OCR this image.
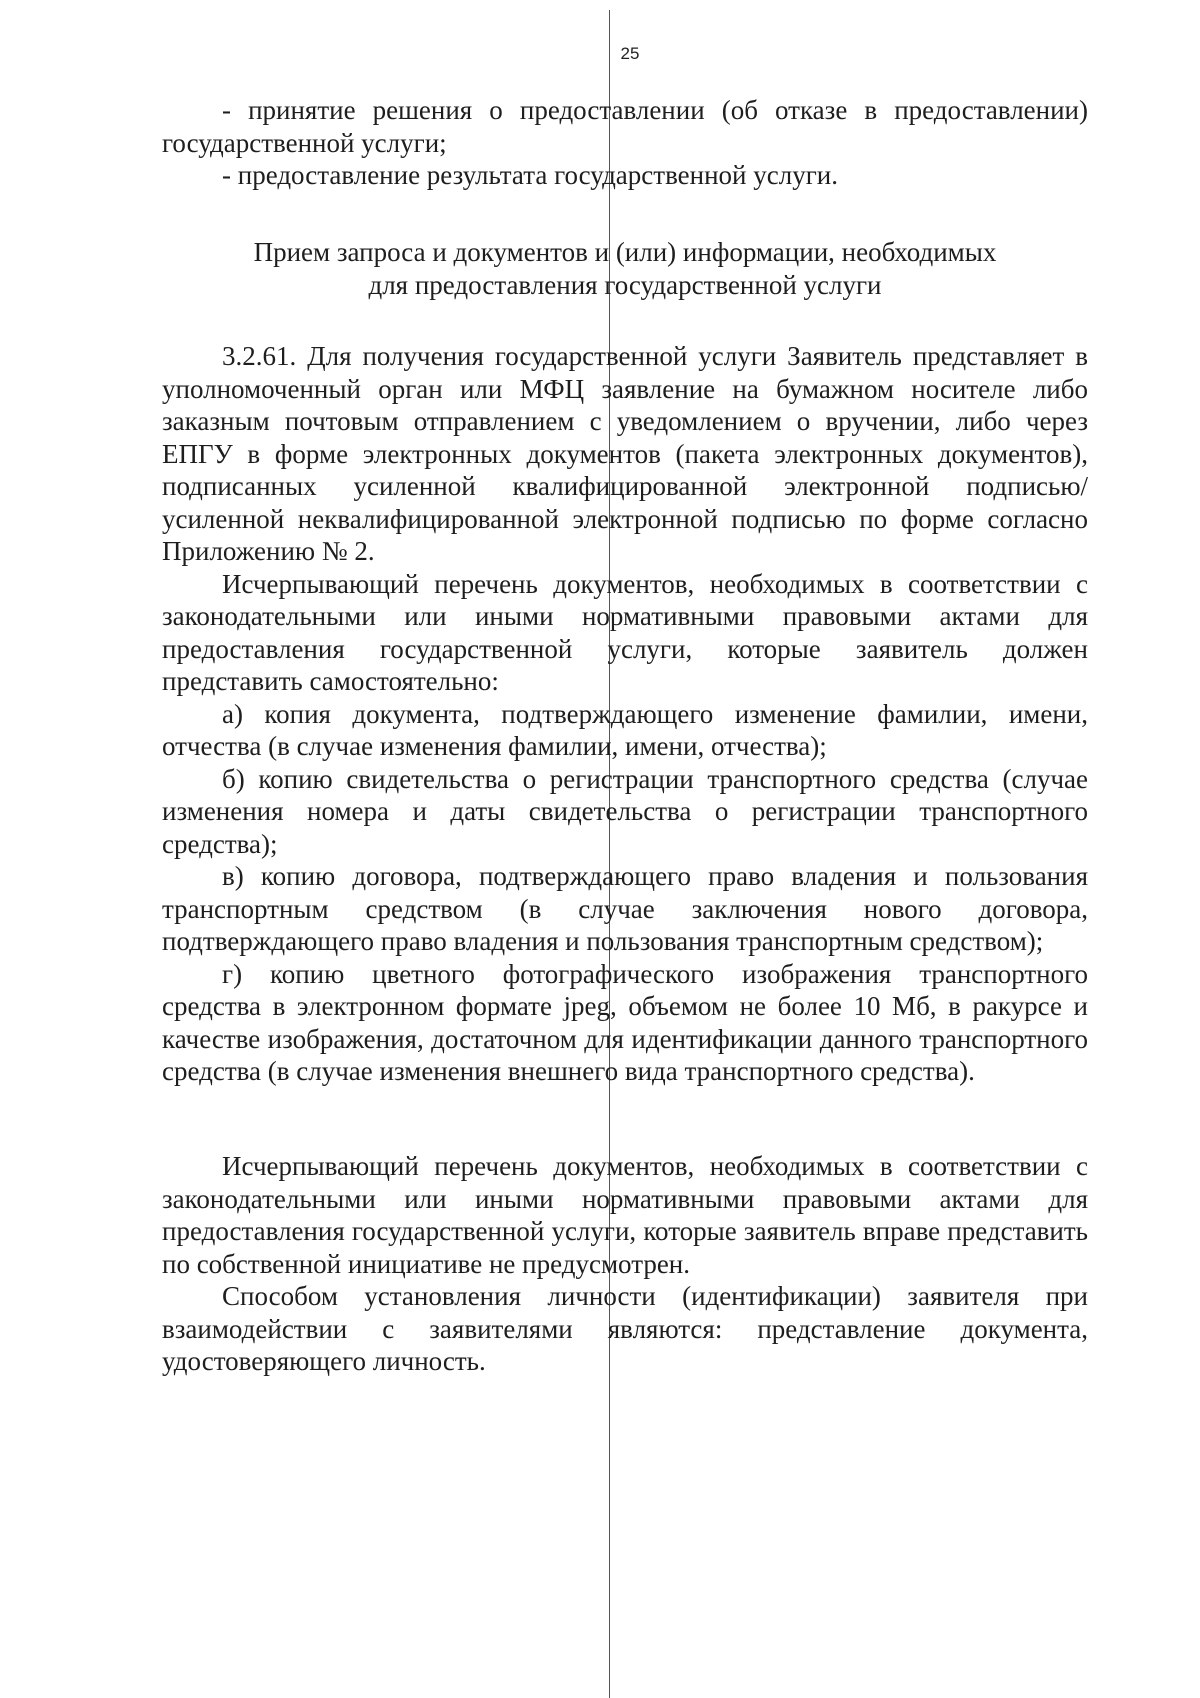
25

- принятие решения о предоставлении (об отказе в предоставлении) государственной услуги;

- предоставление результата государственной услуги.

Прием запроса и документов и (или) информации, необходимых
для предоставления государственной услуги

3.2.61. Для получения государственной услуги Заявитель представляет в уполномоченный орган или МФЦ заявление на бумажном носителе либо заказным почтовым отправлением с уведомлением о вручении, либо через ЕПГУ в форме электронных документов (пакета электронных документов), подписанных усиленной квалифицированной электронной подписью/усиленной неквалифицированной электронной подписью по форме согласно Приложению № 2.

Исчерпывающий перечень документов, необходимых в соответствии с законодательными или иными нормативными правовыми актами для предоставления государственной услуги, которые заявитель должен представить самостоятельно:

а) копия документа, подтверждающего изменение фамилии, имени, отчества (в случае изменения фамилии, имени, отчества);

б) копию свидетельства о регистрации транспортного средства (случае изменения номера и даты свидетельства о регистрации транспортного средства);

в) копию договора, подтверждающего право владения и пользования транспортным средством (в случае заключения нового договора, подтверждающего право владения и пользования транспортным средством);

г) копию цветного фотографического изображения транспортного средства в электронном формате jpeg, объемом не более 10 Мб, в ракурсе и качестве изображения, достаточном для идентификации данного транспортного средства (в случае изменения внешнего вида транспортного средства).

Исчерпывающий перечень документов, необходимых в соответствии с законодательными или иными нормативными правовыми актами для предоставления государственной услуги, которые заявитель вправе представить по собственной инициативе не предусмотрен.

Способом установления личности (идентификации) заявителя при взаимодействии с заявителями являются: представление документа, удостоверяющего личность.
